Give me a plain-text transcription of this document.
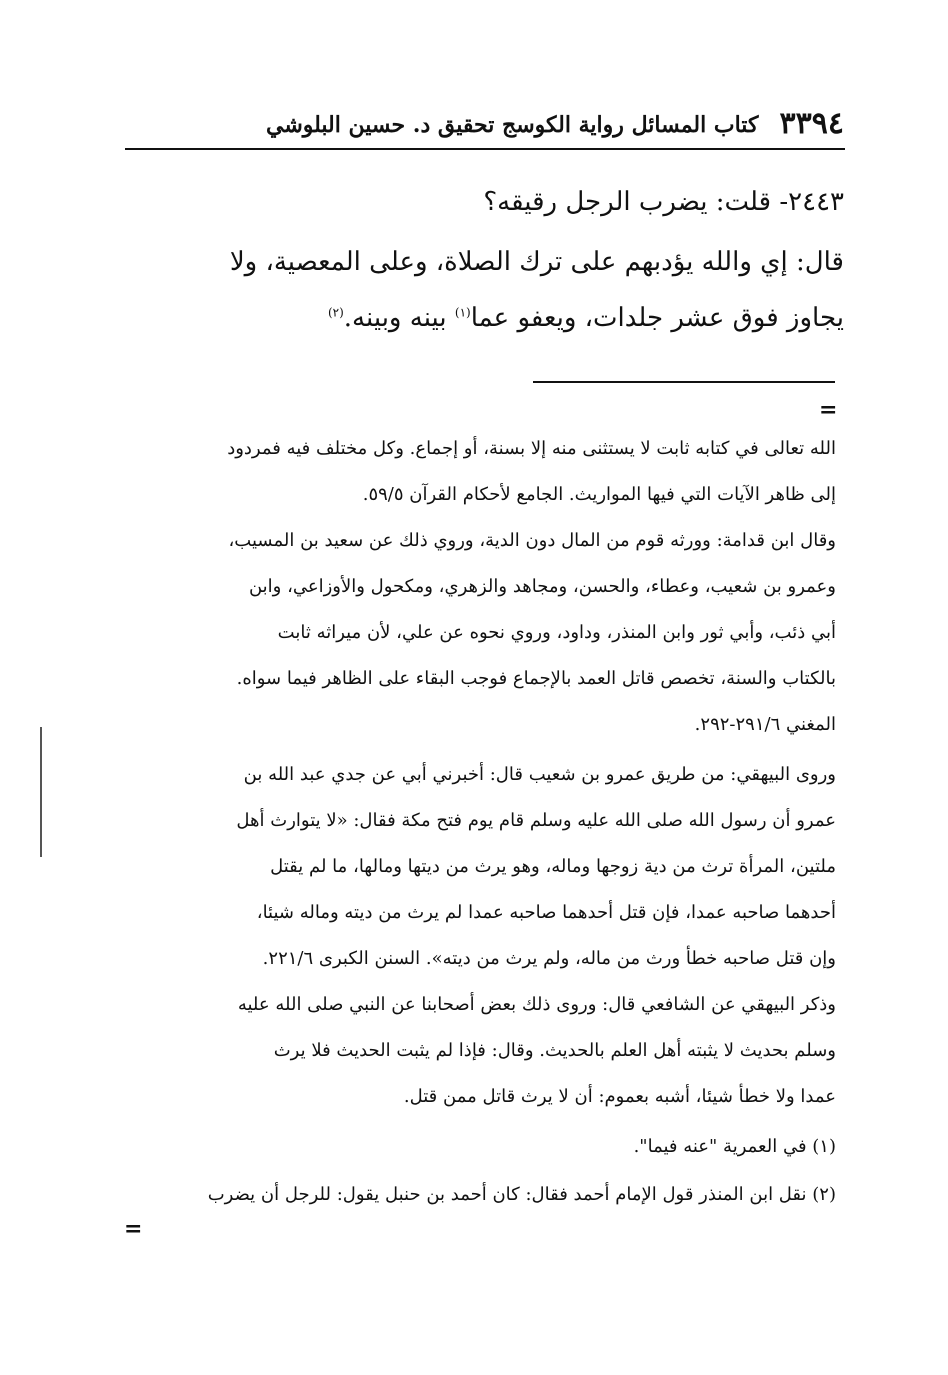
٣٣٩٤
كتاب المسائل رواية الكوسج تحقيق د. حسين البلوشي
٢٤٤٣- قلت: يضرب الرجل رقيقه؟
قال: إي والله يؤدبهم على ترك الصلاة، وعلى المعصية، ولا
يجاوز فوق عشر جلدات، ويعفو عما$^{(١)}$ بينه وبينه.$^{(٢)}$
=
الله تعالى في كتابه ثابت لا يستثنى منه إلا بسنة، أو إجماع. وكل مختلف فيه فمردود
إلى ظاهر الآيات التي فيها المواريث. الجامع لأحكام القرآن ٥٩/٥.
وقال ابن قدامة: وورثه قوم من المال دون الدية، وروي ذلك عن سعيد بن المسيب،
وعمرو بن شعيب، وعطاء، والحسن، ومجاهد والزهري، ومكحول والأوزاعي، وابن
أبي ذئب، وأبي ثور وابن المنذر، وداود، وروي نحوه عن علي، لأن ميراثه ثابت
بالكتاب والسنة، تخصص قاتل العمد بالإجماع فوجب البقاء على الظاهر فيما سواه.
المغني ٢٩١/٦-٢٩٢.
وروى البيهقي: من طريق عمرو بن شعيب قال: أخبرني أبي عن جدي عبد الله بن
عمرو أن رسول الله صلى الله عليه وسلم قام يوم فتح مكة فقال: «لا يتوارث أهل
ملتين، المرأة ترث من دية زوجها وماله، وهو يرث من ديتها ومالها، ما لم يقتل
أحدهما صاحبه عمدا، فإن قتل أحدهما صاحبه عمدا لم يرث من ديته وماله شيئا،
وإن قتل صاحبه خطأ ورث من ماله، ولم يرث من ديته». السنن الكبرى ٢٢١/٦.
وذكر البيهقي عن الشافعي قال: وروى ذلك بعض أصحابنا عن النبي صلى الله عليه
وسلم بحديث لا يثبته أهل العلم بالحديث. وقال: فإذا لم يثبت الحديث فلا يرث
عمدا ولا خطأ شيئا، أشبه بعموم: أن لا يرث قاتل ممن قتل.
(١) في العمرية "عنه فيما".
(٢) نقل ابن المنذر قول الإمام أحمد فقال: كان أحمد بن حنبل يقول: للرجل أن يضرب
=
